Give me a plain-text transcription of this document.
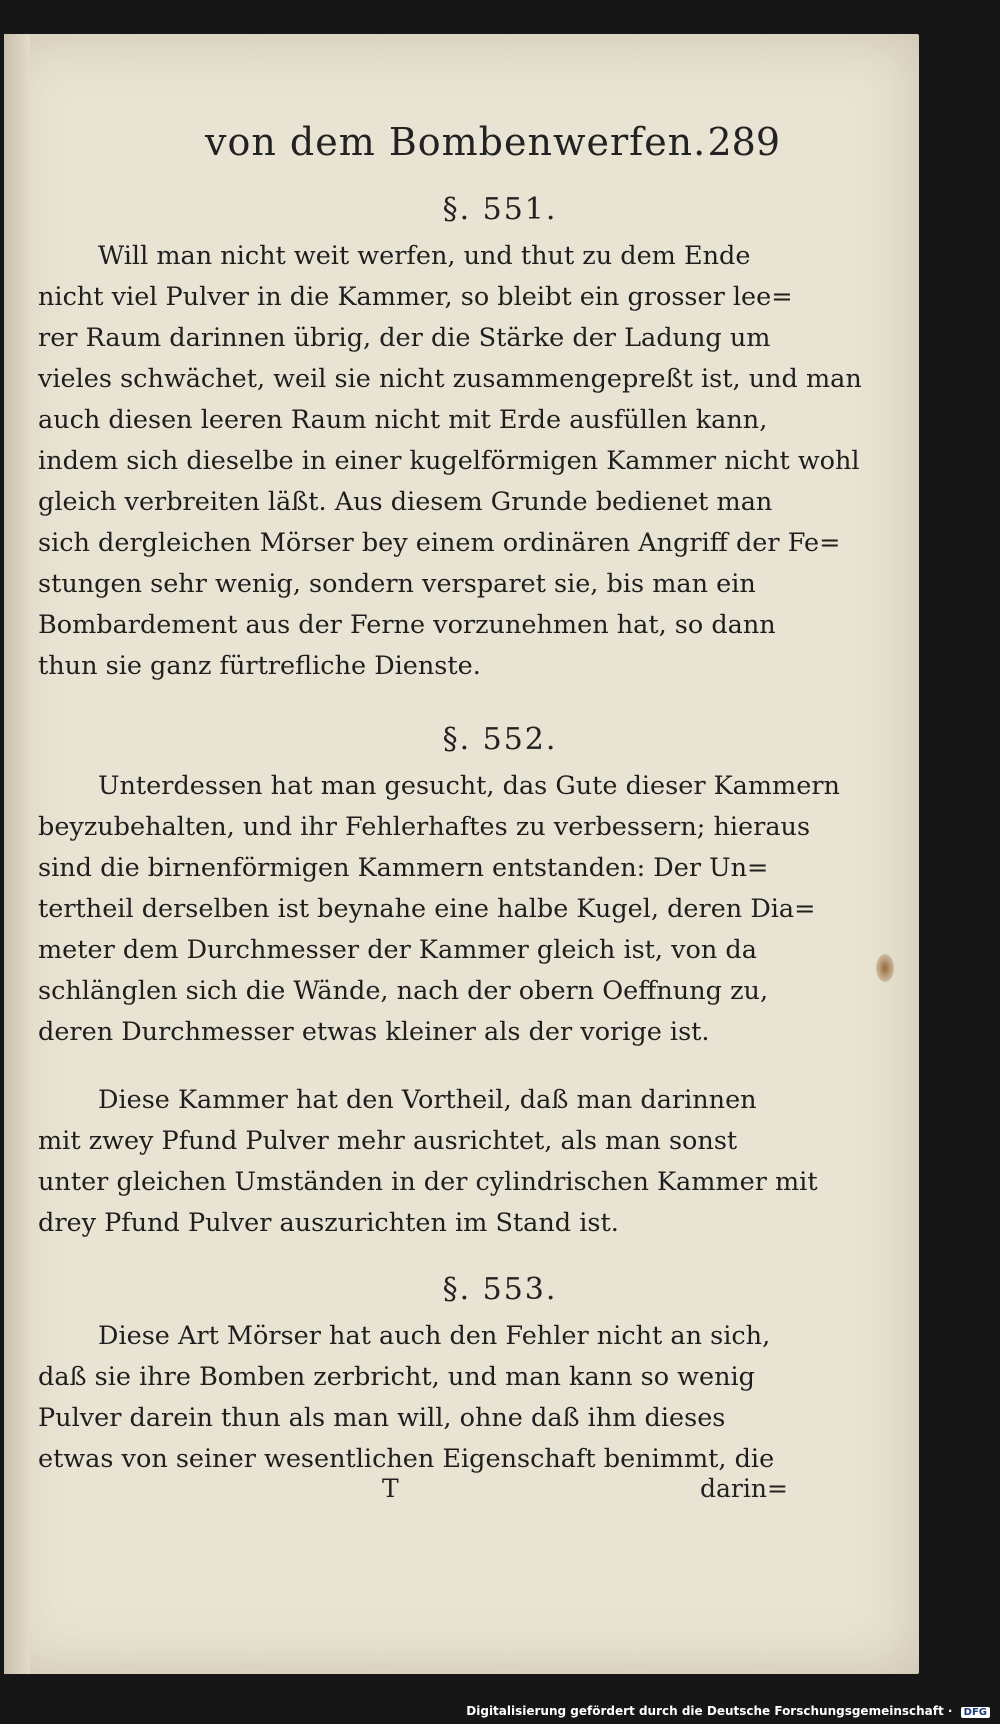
von dem Bombenwerfen. 289
§. 551.

Will man nicht weit werfen, und thut zu dem Ende
nicht viel Pulver in die Kammer, so bleibt ein grosser lee=
rer Raum darinnen übrig, der die Stärke der Ladung um
vieles schwächet, weil sie nicht zusammengepreßt ist, und man
auch diesen leeren Raum nicht mit Erde ausfüllen kann,
indem sich dieselbe in einer kugelförmigen Kammer nicht wohl
gleich verbreiten läßt. Aus diesem Grunde bedienet man
sich dergleichen Mörser bey einem ordinären Angriff der Fe=
stungen sehr wenig, sondern versparet sie, bis man ein
Bombardement aus der Ferne vorzunehmen hat, so dann
thun sie ganz fürtrefliche Dienste.

§. 552.

Unterdessen hat man gesucht, das Gute dieser Kammern
beyzubehalten, und ihr Fehlerhaftes zu verbessern; hieraus
sind die birnenförmigen Kammern entstanden: Der Un=
tertheil derselben ist beynahe eine halbe Kugel, deren Dia=
meter dem Durchmesser der Kammer gleich ist, von da
schlänglen sich die Wände, nach der obern Oeffnung zu,
deren Durchmesser etwas kleiner als der vorige ist.

Diese Kammer hat den Vortheil, daß man darinnen
mit zwey Pfund Pulver mehr ausrichtet, als man sonst
unter gleichen Umständen in der cylindrischen Kammer mit
drey Pfund Pulver auszurichten im Stand ist.

§. 553.

Diese Art Mörser hat auch den Fehler nicht an sich,
daß sie ihre Bomben zerbricht, und man kann so wenig
Pulver darein thun als man will, ohne daß ihm dieses
etwas von seiner wesentlichen Eigenschaft benimmt, die

T	darin=
Digitalisierung gefördert durch die Deutsche Forschungsgemeinschaft · DFG
